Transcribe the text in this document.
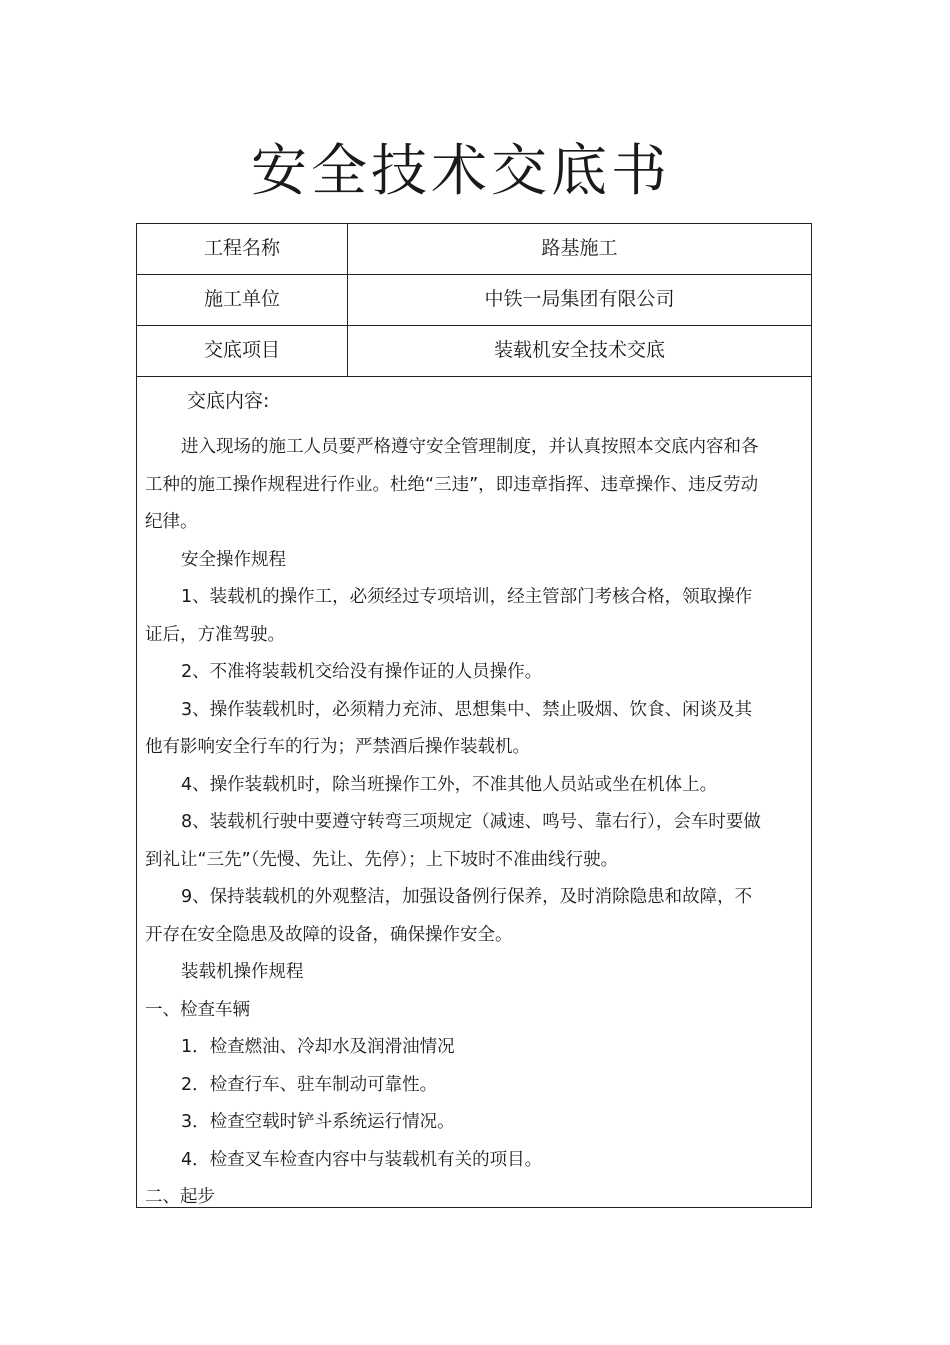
安全技术交底书
工程名称	路基施工
施工单位	中铁一局集团有限公司
交底项目	装载机安全技术交底
交底内容:

进入现场的施工人员要严格遵守安全管理制度，并认真按照本交底内容和各工种的施工操作规程进行作业。杜绝“三违”，即违章指挥、违章操作、违反劳动纪律。

安全操作规程

1、装载机的操作工，必须经过专项培训，经主管部门考核合格，领取操作证后，方准驾驶。

2、不准将装载机交给没有操作证的人员操作。

3、操作装载机时，必须精力充沛、思想集中、禁止吸烟、饮食、闲谈及其他有影响安全行车的行为；严禁酒后操作装载机。

4、操作装载机时，除当班操作工外，不准其他人员站或坐在机体上。

8、装载机行驶中要遵守转弯三项规定（减速、鸣号、靠右行），会车时要做到礼让“三先”（先慢、先让、先停）；上下坡时不准曲线行驶。

9、保持装载机的外观整洁，加强设备例行保养，及时消除隐患和故障，不开存在安全隐患及故障的设备，确保操作安全。

装载机操作规程
一、检查车辆
1．检查燃油、冷却水及润滑油情况
2．检查行车、驻车制动可靠性。
3．检查空载时铲斗系统运行情况。
4．检查叉车检查内容中与装载机有关的项目。
二、起步
